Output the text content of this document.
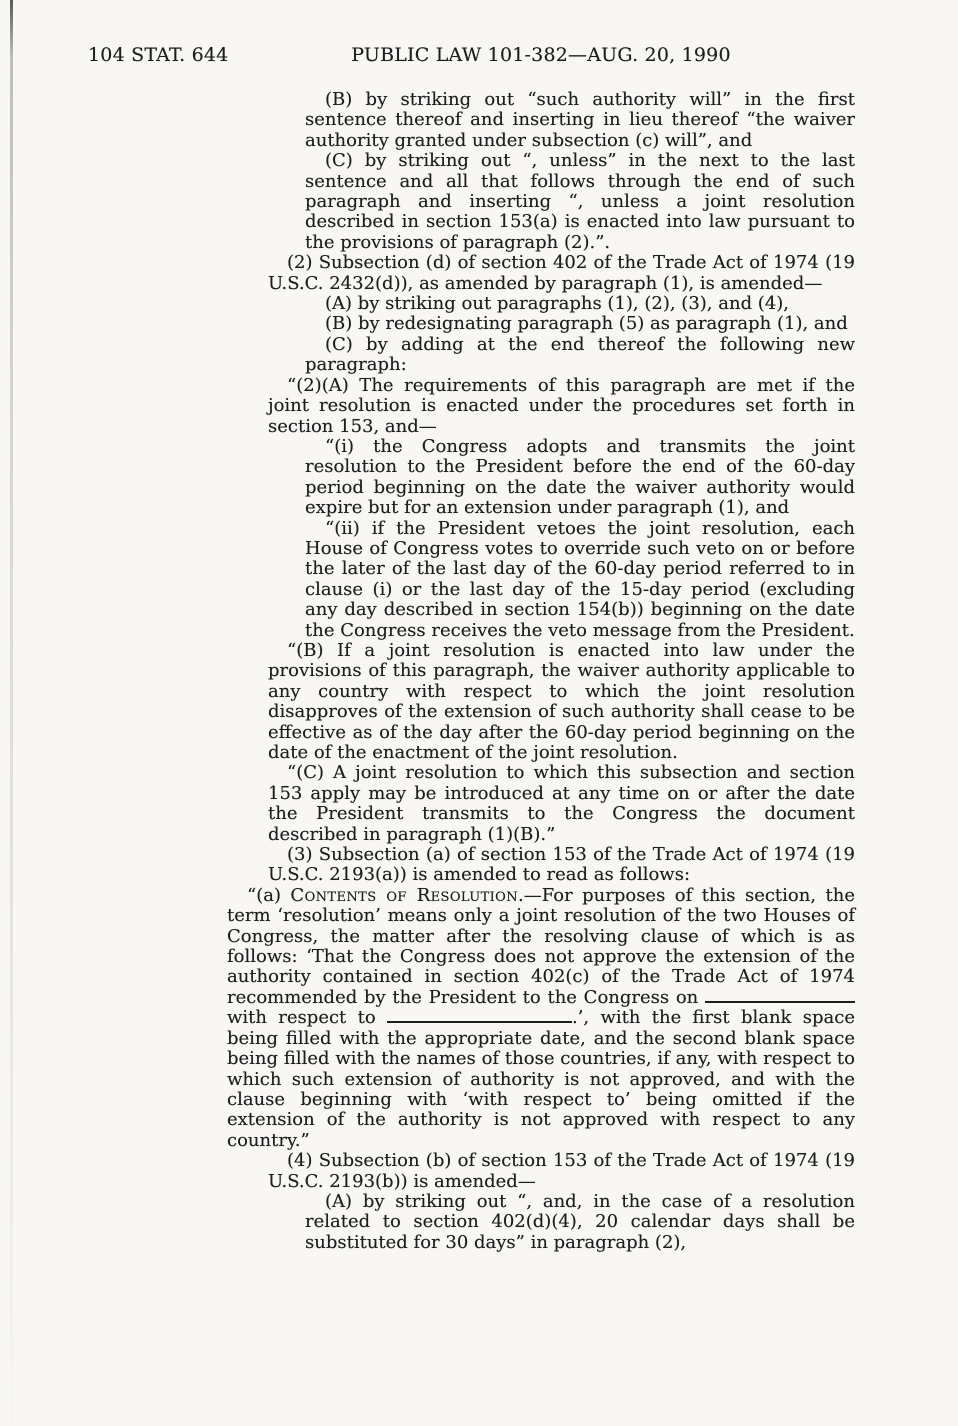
104 STAT. 644	PUBLIC LAW 101-382—AUG. 20, 1990

(B) by striking out “such authority will” in the first sentence thereof and inserting in lieu thereof “the waiver authority granted under subsection (c) will”, and

(C) by striking out “, unless” in the next to the last sentence and all that follows through the end of such paragraph and inserting “, unless a joint resolution described in section 153(a) is enacted into law pursuant to the provisions of paragraph (2).”.

(2) Subsection (d) of section 402 of the Trade Act of 1974 (19 U.S.C. 2432(d)), as amended by paragraph (1), is amended—

(A) by striking out paragraphs (1), (2), (3), and (4),

(B) by redesignating paragraph (5) as paragraph (1), and

(C) by adding at the end thereof the following new paragraph:

“(2)(A) The requirements of this paragraph are met if the joint resolution is enacted under the procedures set forth in section 153, and—

“(i) the Congress adopts and transmits the joint resolution to the President before the end of the 60-day period beginning on the date the waiver authority would expire but for an extension under paragraph (1), and

“(ii) if the President vetoes the joint resolution, each House of Congress votes to override such veto on or before the later of the last day of the 60-day period referred to in clause (i) or the last day of the 15-day period (excluding any day described in section 154(b)) beginning on the date the Congress receives the veto message from the President.

“(B) If a joint resolution is enacted into law under the provisions of this paragraph, the waiver authority applicable to any country with respect to which the joint resolution disapproves of the extension of such authority shall cease to be effective as of the day after the 60-day period beginning on the date of the enactment of the joint resolution.

“(C) A joint resolution to which this subsection and section 153 apply may be introduced at any time on or after the date the President transmits to the Congress the document described in paragraph (1)(B).”

(3) Subsection (a) of section 153 of the Trade Act of 1974 (19 U.S.C. 2193(a)) is amended to read as follows:

“(a) Contents of Resolution.—For purposes of this section, the term ‘resolution’ means only a joint resolution of the two Houses of Congress, the matter after the resolving clause of which is as follows: ‘That the Congress does not approve the extension of the authority contained in section 402(c) of the Trade Act of 1974 recommended by the President to the Congress on  with respect to	.’, with the first blank space being filled with the appropriate date, and the second blank space being filled with the names of those countries, if any, with respect to which such extension of authority is not approved, and with the clause beginning with ‘with respect to’ being omitted if the extension of the authority is not approved with respect to any country.”

(4) Subsection (b) of section 153 of the Trade Act of 1974 (19 U.S.C. 2193(b)) is amended—

(A) by striking out “, and, in the case of a resolution related to section 402(d)(4), 20 calendar days shall be substituted for 30 days” in paragraph (2),
